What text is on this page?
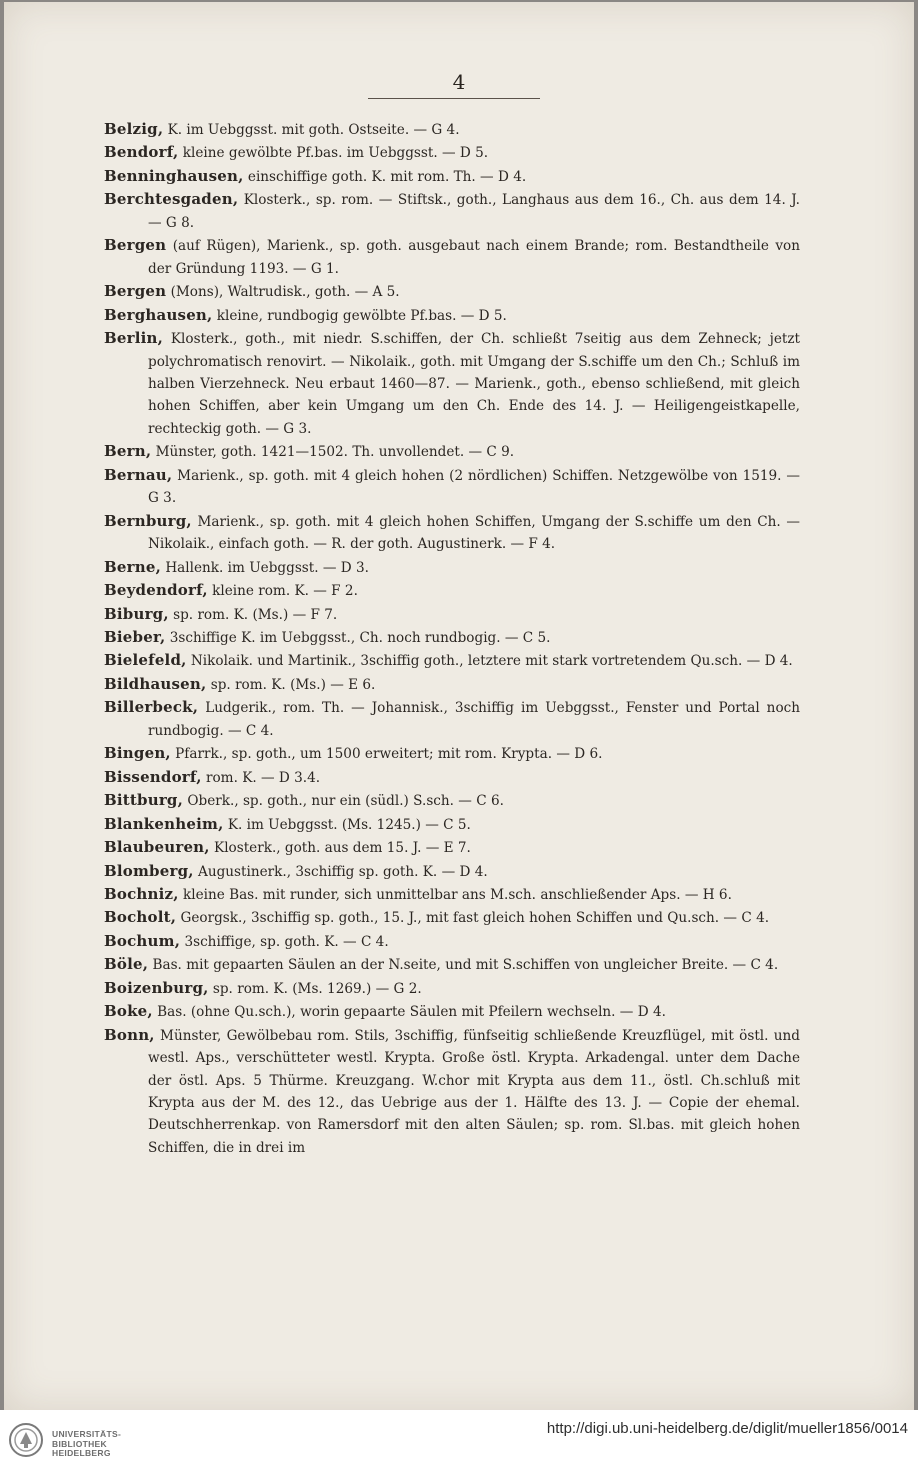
4

Belzig, K. im Uebggsst. mit goth. Ostseite. — G 4.

Bendorf, kleine gewölbte Pf.bas. im Uebggsst. — D 5.

Benninghausen, einschiffige goth. K. mit rom. Th. — D 4.

Berchtesgaden, Klosterk., sp. rom. — Stiftsk., goth., Langhaus aus dem 16., Ch. aus dem 14. J. — G 8.

Bergen (auf Rügen), Marienk., sp. goth. ausgebaut nach einem Brande; rom. Bestandtheile von der Gründung 1193. — G 1.

Bergen (Mons), Waltrudisk., goth. — A 5.

Berghausen, kleine, rundbogig gewölbte Pf.bas. — D 5.

Berlin, Klosterk., goth., mit niedr. S.schiffen, der Ch. schließt 7seitig aus dem Zehneck; jetzt polychromatisch renovirt. — Nikolaik., goth. mit Umgang der S.schiffe um den Ch.; Schluß im halben Vierzehneck. Neu erbaut 1460—87. — Marienk., goth., ebenso schließend, mit gleich hohen Schiffen, aber kein Umgang um den Ch. Ende des 14. J. — Heiligengeistkapelle, rechteckig goth. — G 3.

Bern, Münster, goth. 1421—1502. Th. unvollendet. — C 9.

Bernau, Marienk., sp. goth. mit 4 gleich hohen (2 nördlichen) Schiffen. Netzgewölbe von 1519. — G 3.

Bernburg, Marienk., sp. goth. mit 4 gleich hohen Schiffen, Umgang der S.schiffe um den Ch. — Nikolaik., einfach goth. — R. der goth. Augustinerk. — F 4.

Berne, Hallenk. im Uebggsst. — D 3.

Beydendorf, kleine rom. K. — F 2.

Biburg, sp. rom. K. (Ms.) — F 7.

Bieber, 3schiffige K. im Uebggsst., Ch. noch rundbogig. — C 5.

Bielefeld, Nikolaik. und Martinik., 3schiffig goth., letztere mit stark vortretendem Qu.sch. — D 4.

Bildhausen, sp. rom. K. (Ms.) — E 6.

Billerbeck, Ludgerik., rom. Th. — Johannisk., 3schiffig im Uebggsst., Fenster und Portal noch rundbogig. — C 4.

Bingen, Pfarrk., sp. goth., um 1500 erweitert; mit rom. Krypta. — D 6.

Bissendorf, rom. K. — D 3.4.

Bittburg, Oberk., sp. goth., nur ein (südl.) S.sch. — C 6.

Blankenheim, K. im Uebggsst. (Ms. 1245.) — C 5.

Blaubeuren, Klosterk., goth. aus dem 15. J. — E 7.

Blomberg, Augustinerk., 3schiffig sp. goth. K. — D 4.

Bochniz, kleine Bas. mit runder, sich unmittelbar ans M.sch. anschließender Aps. — H 6.

Bocholt, Georgsk., 3schiffig sp. goth., 15. J., mit fast gleich hohen Schiffen und Qu.sch. — C 4.

Bochum, 3schiffige, sp. goth. K. — C 4.

Böle, Bas. mit gepaarten Säulen an der N.seite, und mit S.schiffen von ungleicher Breite. — C 4.

Boizenburg, sp. rom. K. (Ms. 1269.) — G 2.

Boke, Bas. (ohne Qu.sch.), worin gepaarte Säulen mit Pfeilern wechseln. — D 4.

Bonn, Münster, Gewölbebau rom. Stils, 3schiffig, fünfseitig schließende Kreuzflügel, mit östl. und westl. Aps., verschütteter westl. Krypta. Große östl. Krypta. Arkadengal. unter dem Dache der östl. Aps. 5 Thürme. Kreuzgang. W.chor mit Krypta aus dem 11., östl. Ch.schluß mit Krypta aus der M. des 12., das Uebrige aus der 1. Hälfte des 13. J. — Copie der ehemal. Deutschherrenkap. von Ramersdorf mit den alten Säulen; sp. rom. Sl.bas. mit gleich hohen Schiffen, die in drei im

UNIVERSITÄTS-
BIBLIOTHEK
HEIDELBERG
http://digi.ub.uni-heidelberg.de/diglit/mueller1856/0014
